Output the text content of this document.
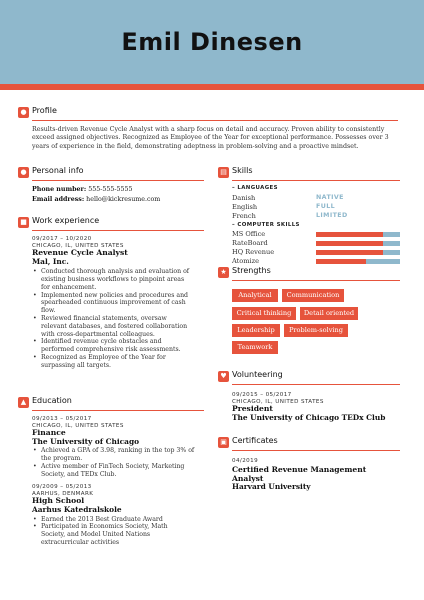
Emil Dinesen
● Profile
Results-driven Revenue Cycle Analyst with a sharp focus on detail and accuracy. Proven ability to consistently
exceed assigned objectives. Recognized as Employee of the Year for exceptional performance. Possesses over 3
years of experience in the field, demonstrating adeptness in problem-solving and a proactive mindset.
● Personal info
Phone number: 555-555-5555
Email address: hello@kickresume.com
■ Work experience
09/2017 – 10/2020
CHICAGO, IL, UNITED STATES
Revenue Cycle Analyst
Mal, Inc.
• Conducted thorough analysis and evaluation of
existing business workflows to pinpoint areas
for enhancement.
• Implemented new policies and procedures and
spearheaded continuous improvement of cash
flow.
• Reviewed financial statements, oversaw
relevant databases, and fostered collaboration
with cross-departmental colleagues.
• Identified revenue cycle obstacles and
performed comprehensive risk assessments.
• Recognized as Employee of the Year for
surpassing all targets.
▲ Education
09/2013 – 05/2017
CHICAGO, IL, UNITED STATES
Finance
The University of Chicago
• Achieved a GPA of 3.98, ranking in the top 3% of
the program.
• Active member of FinTech Society, Marketing
Society, and TEDx Club.
09/2009 – 05/2013
AARHUS, DENMARK
High School
Aarhus Katedralskole
• Earned the 2013 Best Graduate Award
• Participated in Economics Society, Math
Society, and Model United Nations
extracurricular activities
▤ Skills
– LANGUAGES
Danish	NATIVE
English	FULL
French	LIMITED
– COMPUTER SKILLS
MS Office
RateBoard
HQ Revenue
Atomize
★ Strengths
Analytical	Communication
Critical thinking	Detail oriented
Leadership	Problem-solving
Teamwork
♥ Volunteering
09/2015 – 05/2017
CHICAGO, IL, UNITED STATES
President
The University of Chicago TEDx Club
▣ Certificates
04/2019
Certified Revenue Management
Analyst
Harvard University
